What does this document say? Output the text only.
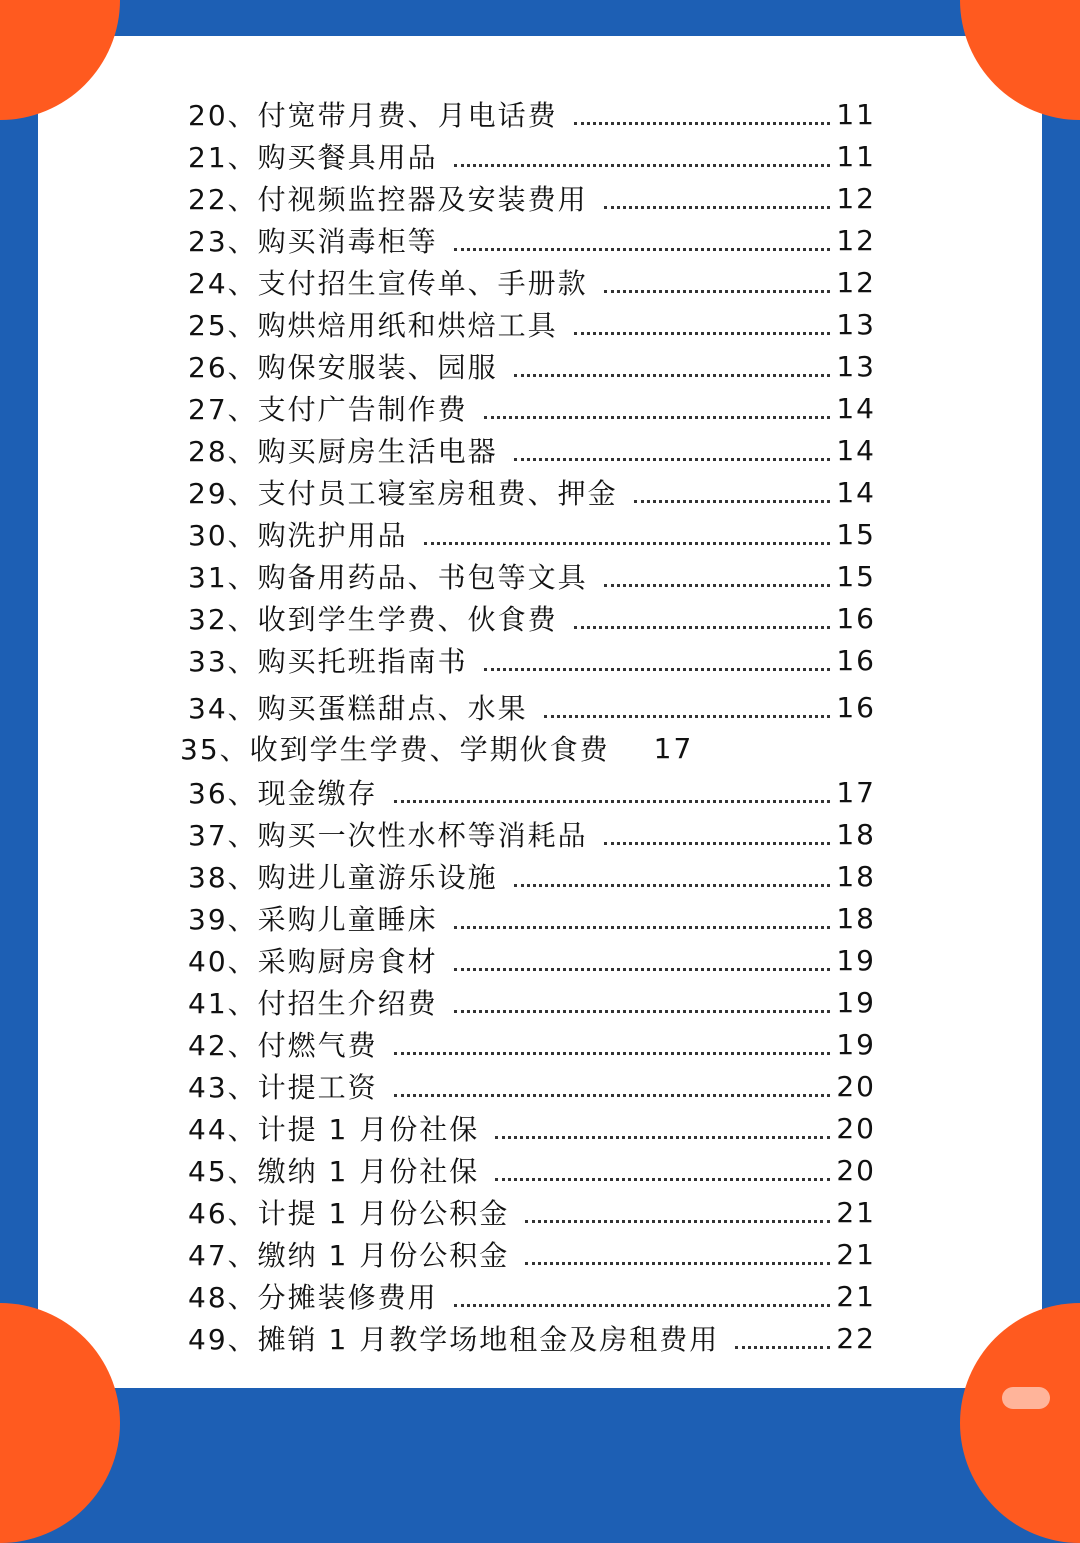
20、付宽带月费、月电话费	11
21、购买餐具用品	11
22、付视频监控器及安装费用	12
23、购买消毒柜等	12
24、支付招生宣传单、手册款	12
25、购烘焙用纸和烘焙工具	13
26、购保安服装、园服	13
27、支付广告制作费	14
28、购买厨房生活电器	14
29、支付员工寝室房租费、押金	14
30、购洗护用品	15
31、购备用药品、书包等文具	15
32、收到学生学费、伙食费	16
33、购买托班指南书	16
34、购买蛋糕甜点、水果	16
35、收到学生学费、学期伙食费 17
36、现金缴存	17
37、购买一次性水杯等消耗品	18
38、购进儿童游乐设施	18
39、采购儿童睡床	18
40、采购厨房食材	19
41、付招生介绍费	19
42、付燃气费	19
43、计提工资	20
44、计提 1 月份社保	20
45、缴纳 1 月份社保	20
46、计提 1 月份公积金	21
47、缴纳 1 月份公积金	21
48、分摊装修费用	21
49、摊销 1 月教学场地租金及房租费用	22
